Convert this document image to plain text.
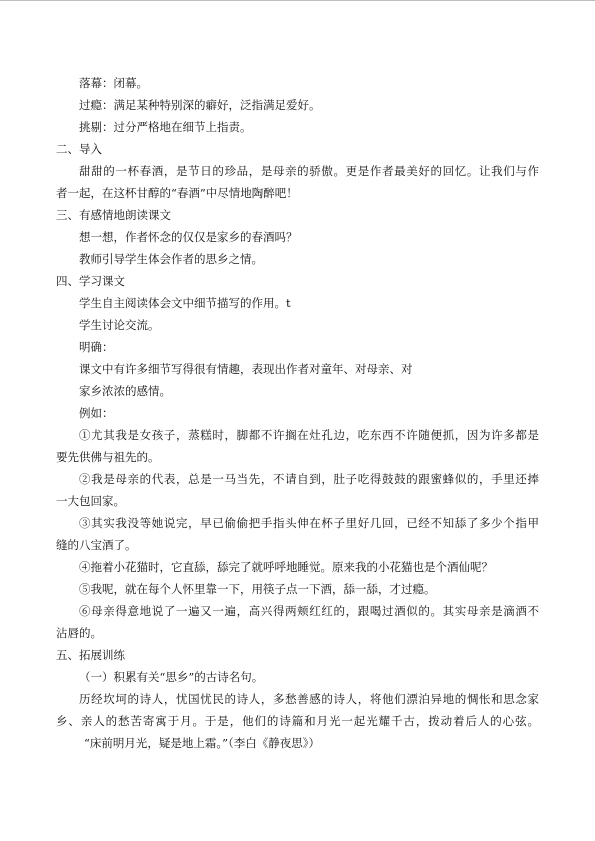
落幕：闭幕。
过瘾：满足某种特别深的癖好，泛指满足爱好。
挑剔：过分严格地在细节上指责。
二、导入
甜甜的一杯春酒，是节日的珍品，是母亲的骄傲。更是作者最美好的回忆。让我们与作
者一起，在这杯甘醇的“春酒”中尽情地陶醉吧！
三、有感情地朗读课文
想一想，作者怀念的仅仅是家乡的春酒吗？
教师引导学生体会作者的思乡之情。
四、学习课文
学生自主阅读体会文中细节描写的作用。t
学生讨论交流。
明确：
课文中有许多细节写得很有情趣，表现出作者对童年、对母亲、对
家乡浓浓的感情。
例如：
①尤其我是女孩子，蒸糕时，脚都不许搁在灶孔边，吃东西不许随便抓，因为许多都是
要先供佛与祖先的。
②我是母亲的代表，总是一马当先，不请自到，肚子吃得鼓鼓的跟蜜蜂似的，手里还捧
一大包回家。
③其实我没等她说完，早已偷偷把手指头伸在杯子里好几回，已经不知舔了多少个指甲
缝的八宝酒了。
④拖着小花猫时，它直舔，舔完了就呼呼地睡觉。原来我的小花猫也是个酒仙呢？
⑤我呢，就在每个人怀里靠一下，用筷子点一下酒，舔一舔，才过瘾。
⑥母亲得意地说了一遍又一遍，高兴得两颊红红的，跟喝过酒似的。其实母亲是滴酒不
沾唇的。
五、拓展训练
（一）积累有关“思乡”的古诗名句。
历经坎坷的诗人，忧国忧民的诗人，多愁善感的诗人，将他们漂泊异地的惆怅和思念家
乡、亲人的愁苦寄寓于月。于是，他们的诗篇和月光一起光耀千古，拨动着后人的心弦。
“床前明月光，疑是地上霜。”（李白《静夜思》）
